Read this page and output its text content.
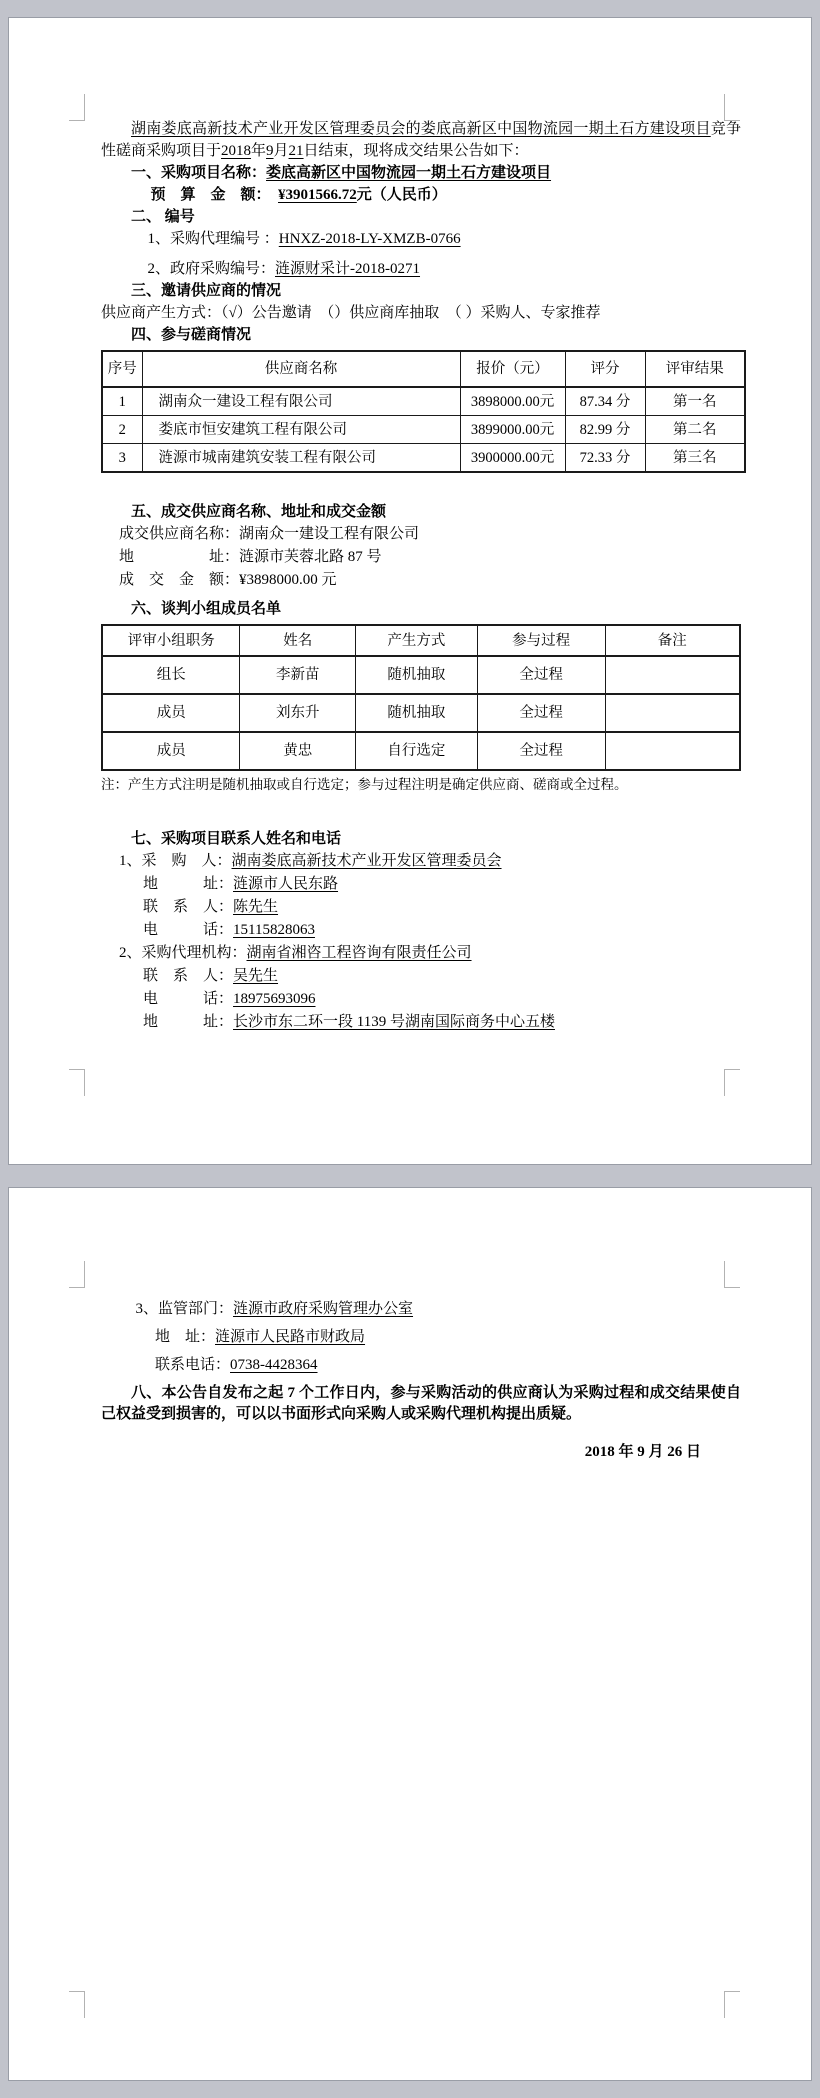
湖南娄底高新技术产业开发区管理委员会的娄底高新区中国物流园一期土石方建设项目竞争性磋商采购项目于2018年9月21日结束，现将成交结果公告如下：

一、采购项目名称：娄底高新区中国物流园一期土石方建设项目

预　算　金　额：　¥3901566.72元（人民币）

二、 编号

1、采购代理编号 ：HNXZ-2018-LY-XMZB-0766

2、政府采购编号：涟源财采计-2018-0271

三、邀请供应商的情况

供应商产生方式：（√）公告邀请　（）供应商库抽取　（ ）采购人、专家推荐

四、参与磋商情况

序号	供应商名称	报价（元）	评分	评审结果
1	湖南众一建设工程有限公司	3898000.00元	87.34 分	第一名
2	娄底市恒安建筑工程有限公司	3899000.00元	82.99 分	第二名
3	涟源市城南建筑安装工程有限公司	3900000.00元	72.33 分	第三名

五、成交供应商名称、地址和成交金额

成交供应商名称：湖南众一建设工程有限公司

地　　　　　址：涟源市芙蓉北路 87 号

成　交　金　额：¥3898000.00 元

六、谈判小组成员名单

评审小组职务	姓名	产生方式	参与过程	备注
组长	李新苗	随机抽取	全过程	
成员	刘东升	随机抽取	全过程	
成员	黄忠	自行选定	全过程	

注：产生方式注明是随机抽取或自行选定；参与过程注明是确定供应商、磋商或全过程。

七、采购项目联系人姓名和电话

1、采　购　人：湖南娄底高新技术产业开发区管理委员会

地　　　址：涟源市人民东路

联　系　人：陈先生

电　　　话：15115828063

2、采购代理机构：湖南省湘咨工程咨询有限责任公司

联　系　人：吴先生

电　　　话：18975693096

地　　　址：长沙市东二环一段 1139 号湖南国际商务中心五楼

3、监管部门：涟源市政府采购管理办公室

地　址：涟源市人民路市财政局

联系电话：0738-4428364

八、本公告自发布之起 7 个工作日内，参与采购活动的供应商认为采购过程和成交结果使自己权益受到损害的，可以以书面形式向采购人或采购代理机构提出质疑。

2018 年 9 月 26 日
